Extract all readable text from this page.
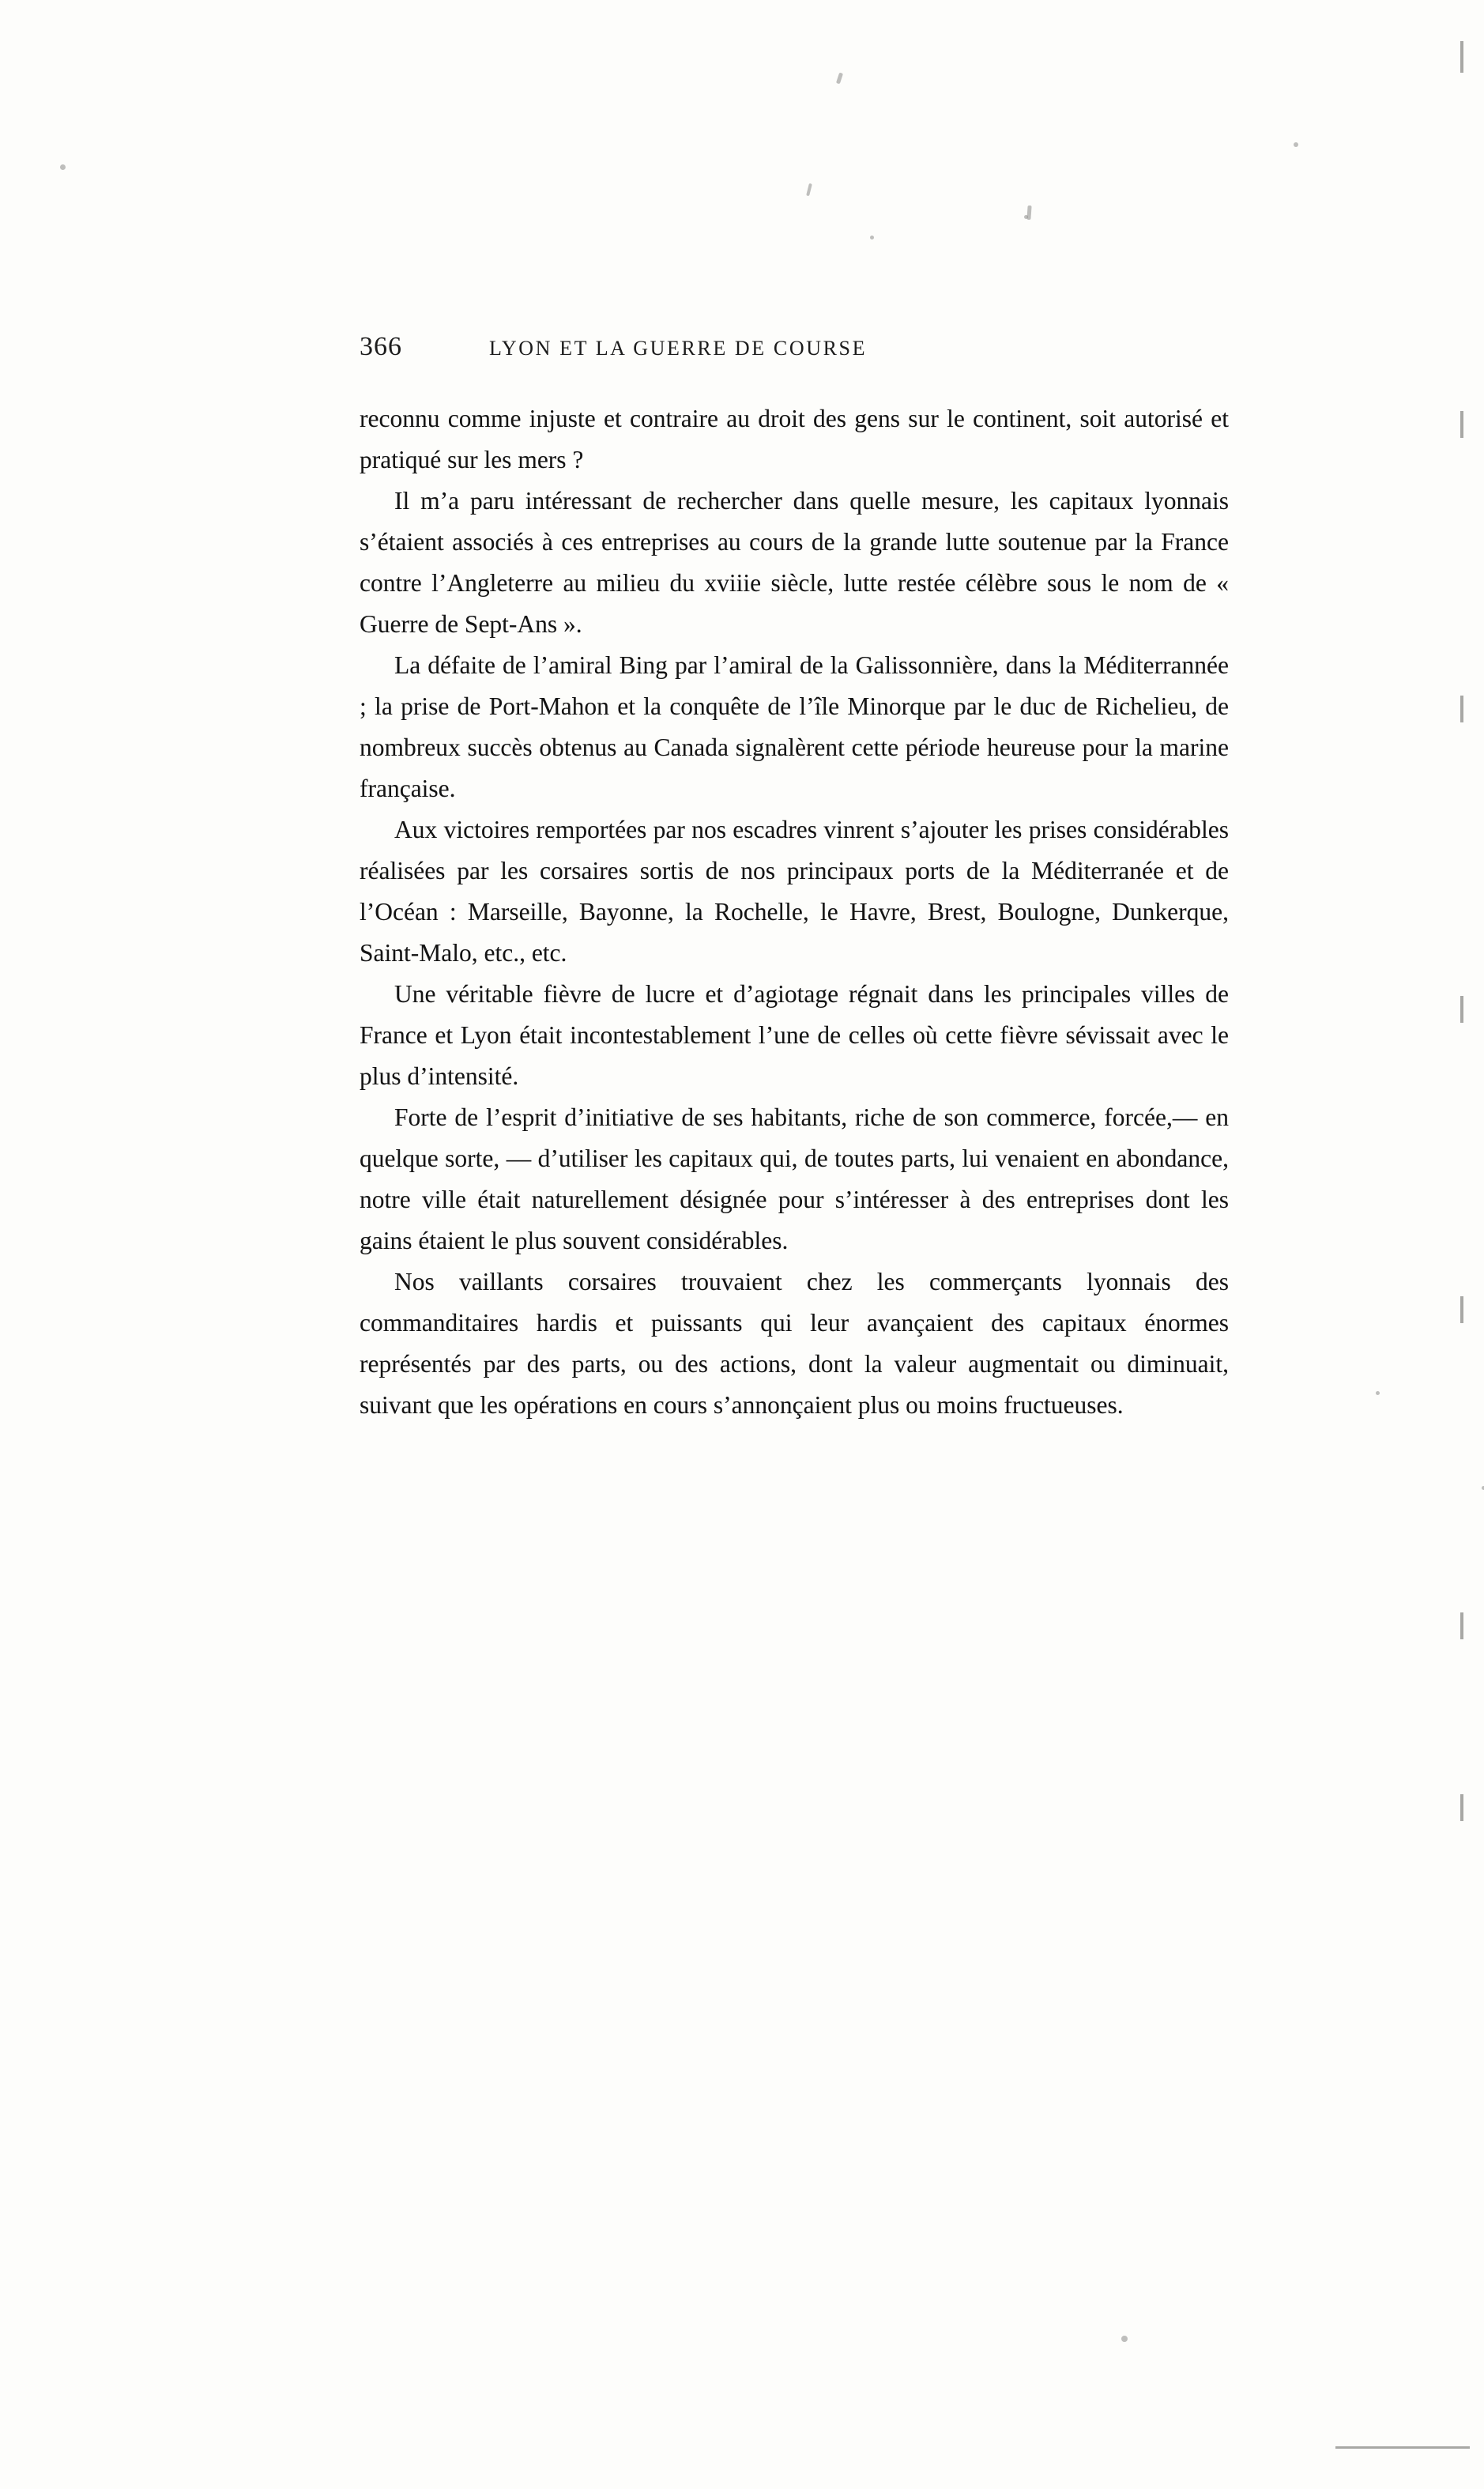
366	LYON ET LA GUERRE DE COURSE

reconnu comme injuste et contraire au droit des gens sur le continent, soit autorisé et pratiqué sur les mers ?

Il m’a paru intéressant de rechercher dans quelle mesure, les capitaux lyonnais s’étaient associés à ces entreprises au cours de la grande lutte soutenue par la France contre l’Angleterre au milieu du xviiie siècle, lutte restée célèbre sous le nom de « Guerre de Sept-Ans ».

La défaite de l’amiral Bing par l’amiral de la Galissonnière, dans la Méditerrannée ; la prise de Port-Mahon et la conquête de l’île Minorque par le duc de Richelieu, de nombreux succès obtenus au Canada signalèrent cette période heureuse pour la marine française.

Aux victoires remportées par nos escadres vinrent s’ajouter les prises considérables réalisées par les corsaires sortis de nos principaux ports de la Méditerranée et de l’Océan : Marseille, Bayonne, la Rochelle, le Havre, Brest, Boulogne, Dunkerque, Saint-Malo, etc., etc.

Une véritable fièvre de lucre et d’agiotage régnait dans les principales villes de France et Lyon était incontestablement l’une de celles où cette fièvre sévissait avec le plus d’intensité.

Forte de l’esprit d’initiative de ses habitants, riche de son commerce, forcée,— en quelque sorte, — d’utiliser les capitaux qui, de toutes parts, lui venaient en abondance, notre ville était naturellement désignée pour s’intéresser à des entreprises dont les gains étaient le plus souvent considérables.

Nos vaillants corsaires trouvaient chez les commerçants lyonnais des commanditaires hardis et puissants qui leur avançaient des capitaux énormes représentés par des parts, ou des actions, dont la valeur augmentait ou diminuait, suivant que les opérations en cours s’annonçaient plus ou moins fructueuses.
